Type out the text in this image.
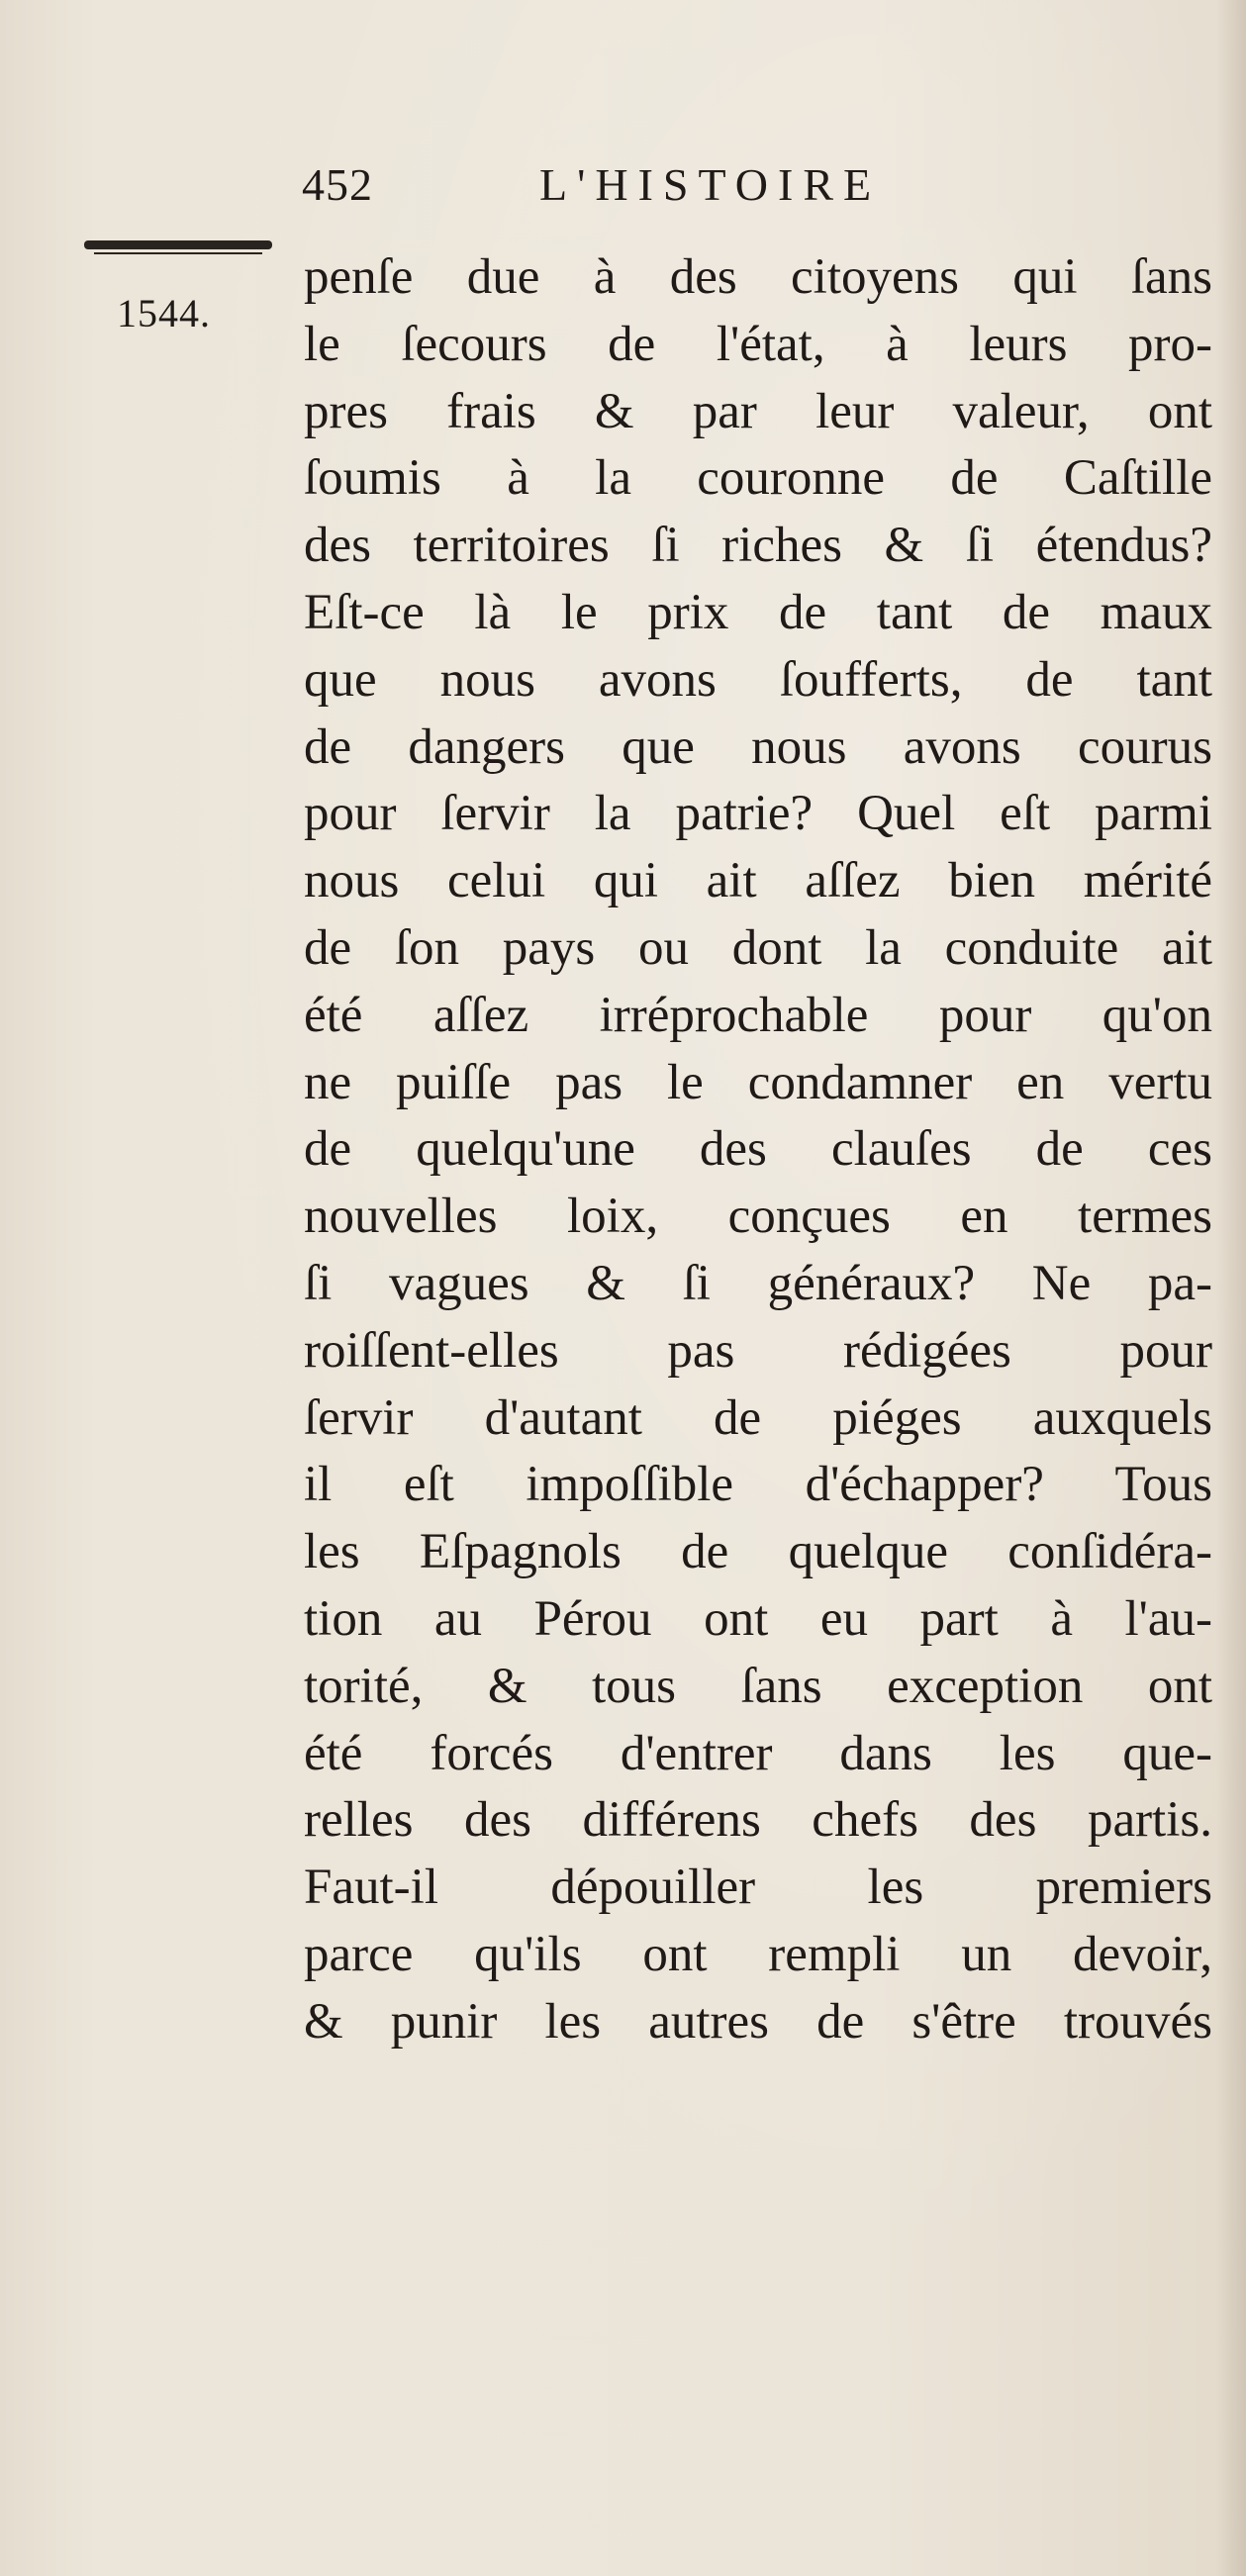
452	L'HISTOIRE
1544.
penſe due à des citoyens qui ſans
le ſecours de l'état, à leurs pro-
pres frais & par leur valeur, ont
ſoumis à la couronne de Caſtille
des territoires ſi riches & ſi étendus?
Eſt-ce là le prix de tant de maux
que nous avons ſoufferts, de tant
de dangers que nous avons courus
pour ſervir la patrie? Quel eſt parmi
nous celui qui ait aſſez bien mérité
de ſon pays ou dont la conduite ait
été aſſez irréprochable pour qu'on
ne puiſſe pas le condamner en vertu
de quelqu'une des clauſes de ces
nouvelles loix, conçues en termes
ſi vagues & ſi généraux? Ne pa-
roiſſent-elles pas rédigées pour
ſervir d'autant de piéges auxquels
il eſt impoſſible d'échapper? Tous
les Eſpagnols de quelque conſidéra-
tion au Pérou ont eu part à l'au-
torité, & tous ſans exception ont
été forcés d'entrer dans les que-
relles des différens chefs des partis.
Faut-il dépouiller les premiers
parce qu'ils ont rempli un devoir,
& punir les autres de s'être trouvés
